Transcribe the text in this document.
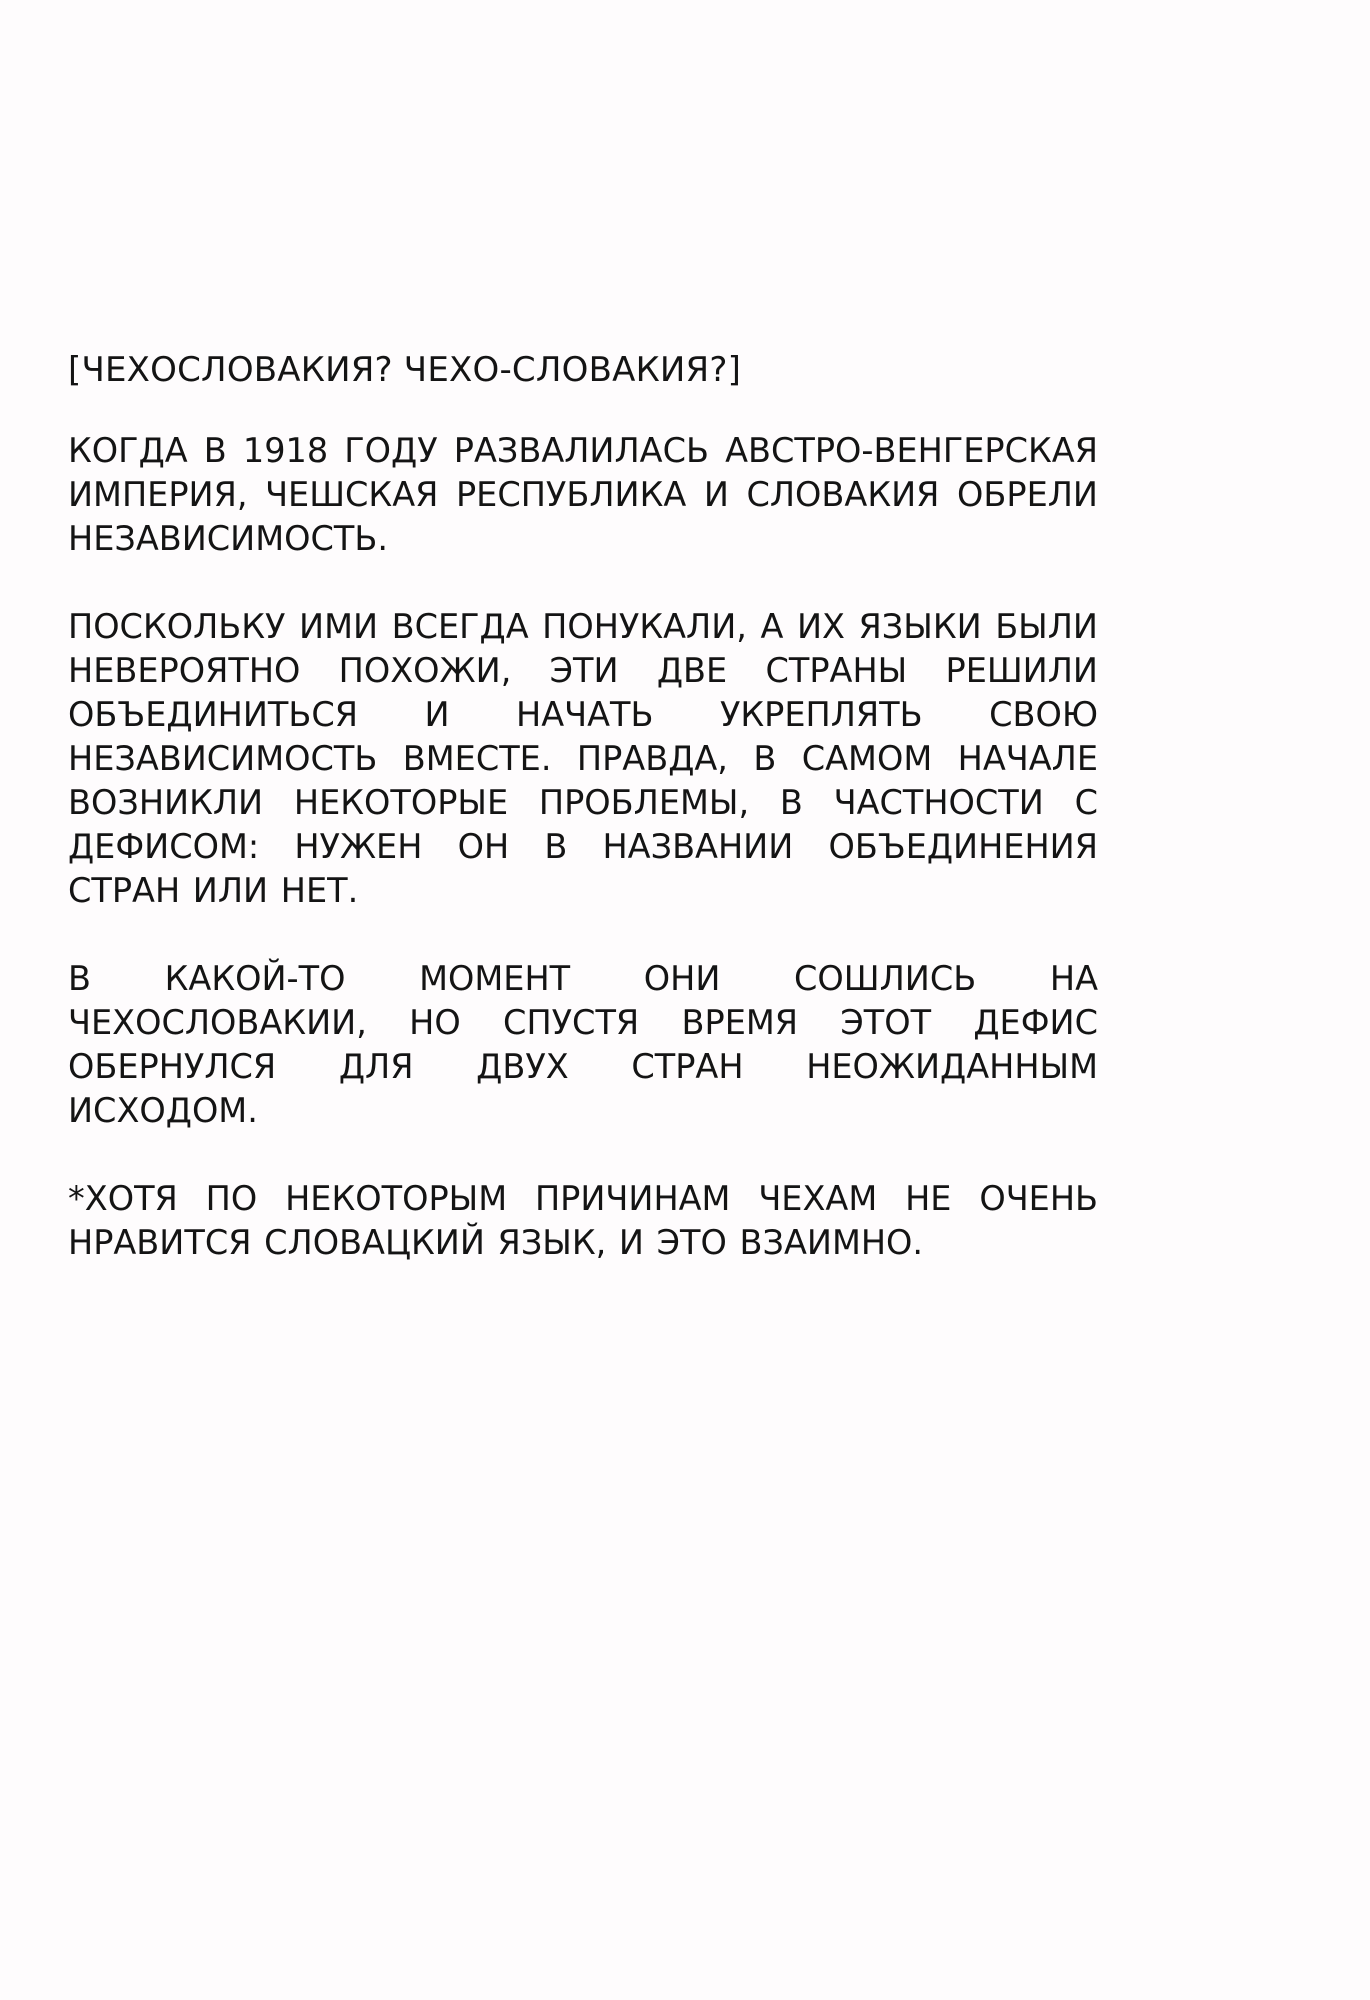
[ЧЕХОСЛОВАКИЯ? ЧЕХО-СЛОВАКИЯ?]

КОГДА В 1918 ГОДУ РАЗВАЛИЛАСЬ АВСТРО-ВЕНГЕРСКАЯ ИМПЕРИЯ, ЧЕШСКАЯ РЕСПУБЛИКА И СЛОВАКИЯ ОБРЕЛИ НЕЗАВИСИМОСТЬ.

ПОСКОЛЬКУ ИМИ ВСЕГДА ПОНУКАЛИ, А ИХ ЯЗЫКИ БЫЛИ НЕВЕРОЯТНО ПОХОЖИ, ЭТИ ДВЕ СТРАНЫ РЕШИЛИ ОБЪЕДИНИТЬСЯ И НАЧАТЬ УКРЕПЛЯТЬ СВОЮ НЕЗАВИСИМОСТЬ ВМЕСТЕ. ПРАВДА, В САМОМ НАЧАЛЕ ВОЗНИКЛИ НЕКОТОРЫЕ ПРОБЛЕМЫ, В ЧАСТНОСТИ С ДЕФИСОМ: НУЖЕН ОН В НАЗВАНИИ ОБЪЕДИНЕНИЯ СТРАН ИЛИ НЕТ.

В КАКОЙ-ТО МОМЕНТ ОНИ СОШЛИСЬ НА ЧЕХОСЛОВАКИИ, НО СПУСТЯ ВРЕМЯ ЭТОТ ДЕФИС ОБЕРНУЛСЯ ДЛЯ ДВУХ СТРАН НЕОЖИДАННЫМ ИСХОДОМ.

*ХОТЯ ПО НЕКОТОРЫМ ПРИЧИНАМ ЧЕХАМ НЕ ОЧЕНЬ НРАВИТСЯ СЛОВАЦКИЙ ЯЗЫК, И ЭТО ВЗАИМНО.
